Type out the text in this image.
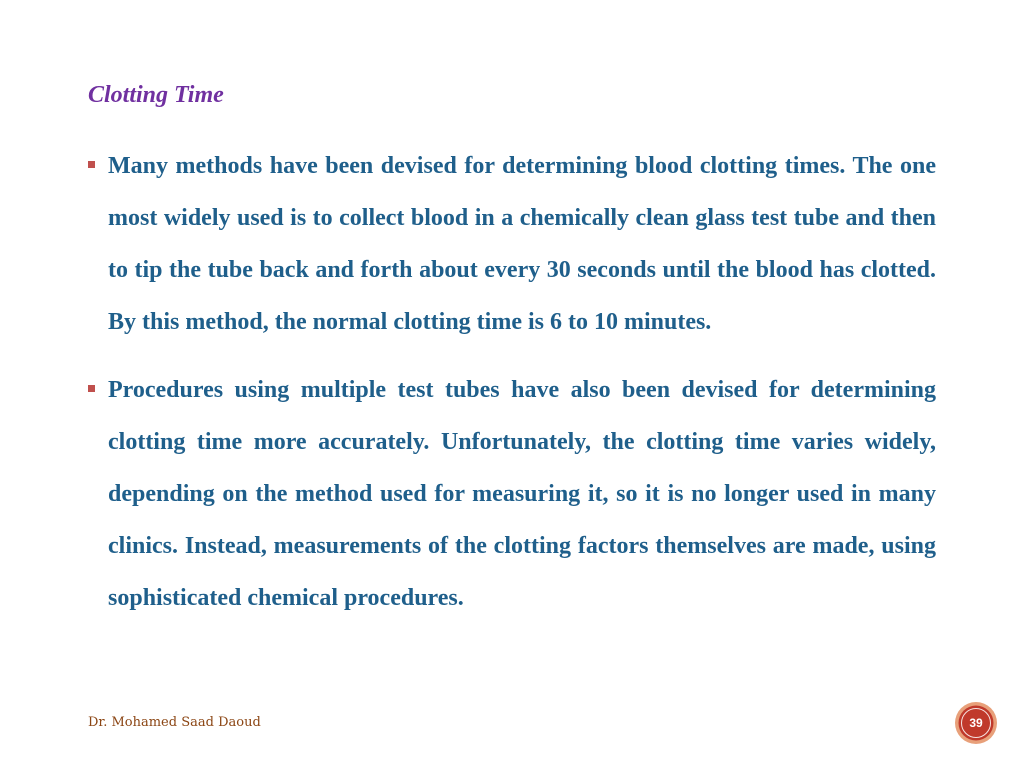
Clotting Time
Many methods have been devised for determining blood clotting times. The one most widely used is to collect blood in a chemically clean glass test tube and then to tip the tube back and forth about every 30 seconds until the blood has clotted. By this method, the normal clotting time is 6 to 10 minutes.
Procedures using multiple test tubes have also been devised for determining clotting time more accurately. Unfortunately, the clotting time varies widely, depending on the method used for measuring it, so it is no longer used in many clinics. Instead, measurements of the clotting factors themselves are made, using sophisticated chemical procedures.
Dr. Mohamed Saad Daoud	39
